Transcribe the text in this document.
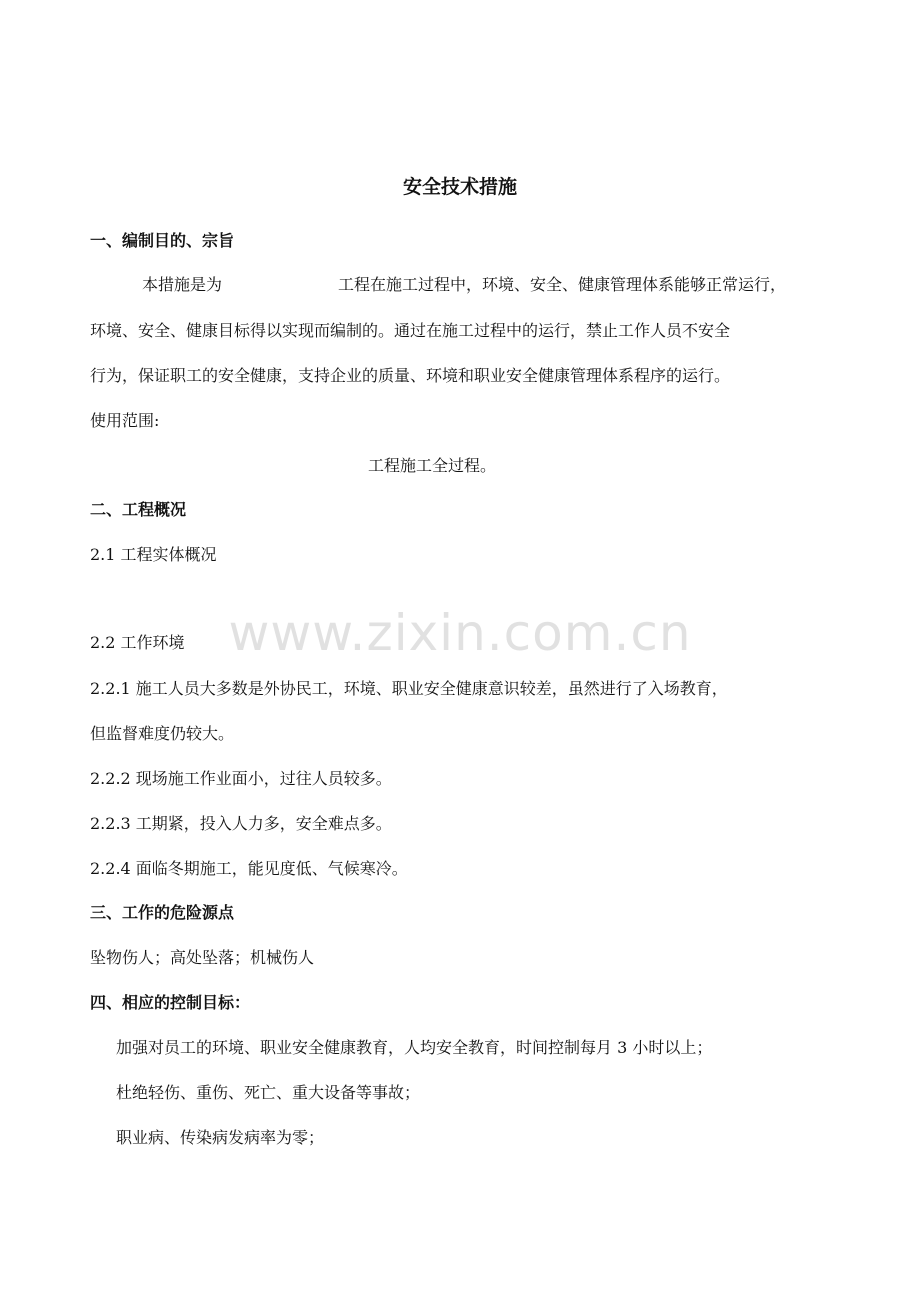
www.zixin.com.cn
安全技术措施
一、编制目的、宗旨
本措施是为	工程在施工过程中，环境、安全、健康管理体系能够正常运行，
环境、安全、健康目标得以实现而编制的。通过在施工过程中的运行，禁止工作人员不安全
行为，保证职工的安全健康，支持企业的质量、环境和职业安全健康管理体系程序的运行。
使用范围:
工程施工全过程。
二、工程概况
2.1 工程实体概况
2.2 工作环境
2.2.1 施工人员大多数是外协民工，环境、职业安全健康意识较差，虽然进行了入场教育，
但监督难度仍较大。
2.2.2 现场施工作业面小，过往人员较多。
2.2.3 工期紧，投入人力多，安全难点多。
2.2.4 面临冬期施工，能见度低、气候寒冷。
三、工作的危险源点
坠物伤人；高处坠落；机械伤人
四、相应的控制目标：
加强对员工的环境、职业安全健康教育，人均安全教育，时间控制每月 3 小时以上；
杜绝轻伤、重伤、死亡、重大设备等事故；
职业病、传染病发病率为零；
